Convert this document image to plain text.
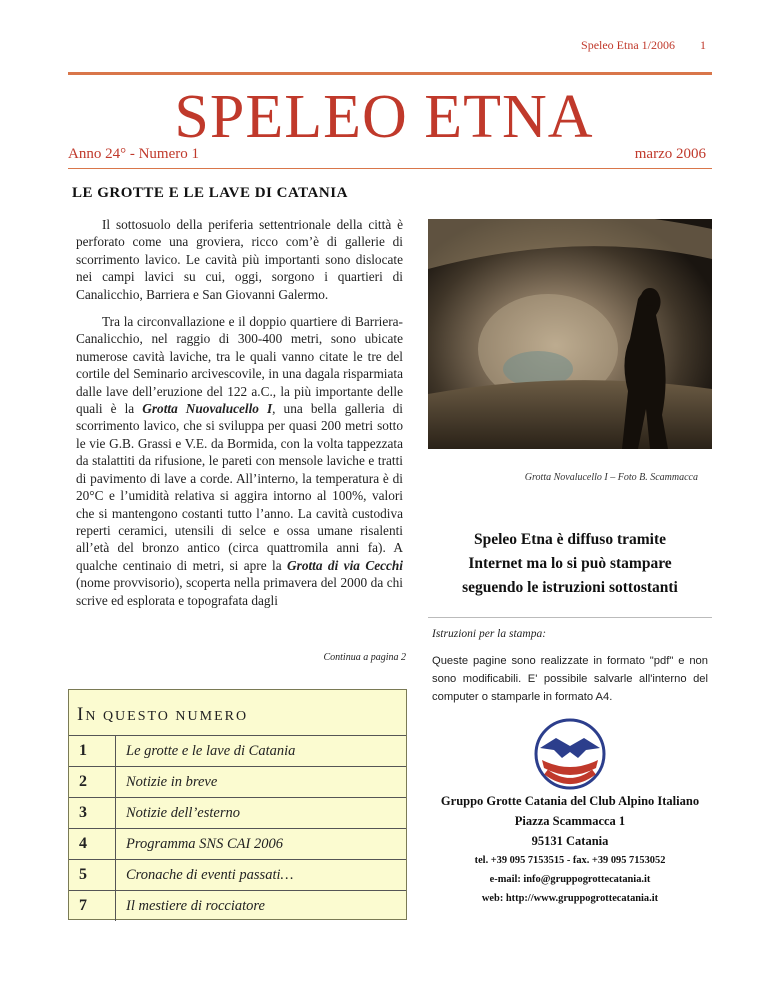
Speleo Etna 1/2006 1
SPELEO ETNA
Anno 24° - Numero 1	marzo 2006
LE GROTTE E LE LAVE DI CATANIA

Il sottosuolo della periferia settentrionale della città è perforato come una groviera, ricco com’è di gallerie di scorrimento lavico. Le cavità più importanti sono dislocate nei campi lavici su cui, oggi, sorgono i quartieri di Canalicchio, Barriera e San Giovanni Galermo.

Tra la circonvallazione e il doppio quartiere di Barriera-Canalicchio, nel raggio di 300-400 metri, sono ubicate numerose cavità laviche, tra le quali vanno citate le tre del cortile del Seminario arcivescovile, in una dagala risparmiata dalle lave dell’eruzione del 122 a.C., la più importante delle quali è la Grotta Nuovalucello I, una bella galleria di scorrimento lavico, che si sviluppa per quasi 200 metri sotto le vie G.B. Grassi e V.E. da Bormida, con la volta tappezzata da stalattiti da rifusione, le pareti con mensole laviche e tratti di pavimento di lave a corde. All’interno, la temperatura è di 20°C e l’umidità relativa si aggira intorno al 100%, valori che si mantengono costanti tutto l’anno. La cavità custodiva reperti ceramici, utensili di selce e ossa umane risalenti all’età del bronzo antico (circa quattromila anni fa). A qualche centinaio di metri, si apre la Grotta di via Cecchi (nome provvisorio), scoperta nella primavera del 2000 da chi scrive ed esplorata e topografata dagli

Continua a pagina 2
IN QUESTO NUMERO
1	Le grotte e le lave di Catania
2	Notizie in breve
3	Notizie dell’esterno
4	Programma SNS CAI 2006
5	Cronache di eventi passati…
7	Il mestiere di rocciatore
Grotta Novalucello I – Foto B. Scammacca
Speleo Etna è diffuso tramite
Internet ma lo si può stampare
seguendo le istruzioni sottostanti
Istruzioni per la stampa:
Queste pagine sono realizzate in formato "pdf" e non sono modificabili. E' possibile salvarle all'interno del computer o stamparle in formato A4.
Gruppo Grotte Catania del Club Alpino Italiano
Piazza Scammacca 1
95131 Catania
tel. +39 095 7153515 - fax. +39 095 7153052
e-mail: info@gruppogrottecatania.it
web: http://www.gruppogrottecatania.it
